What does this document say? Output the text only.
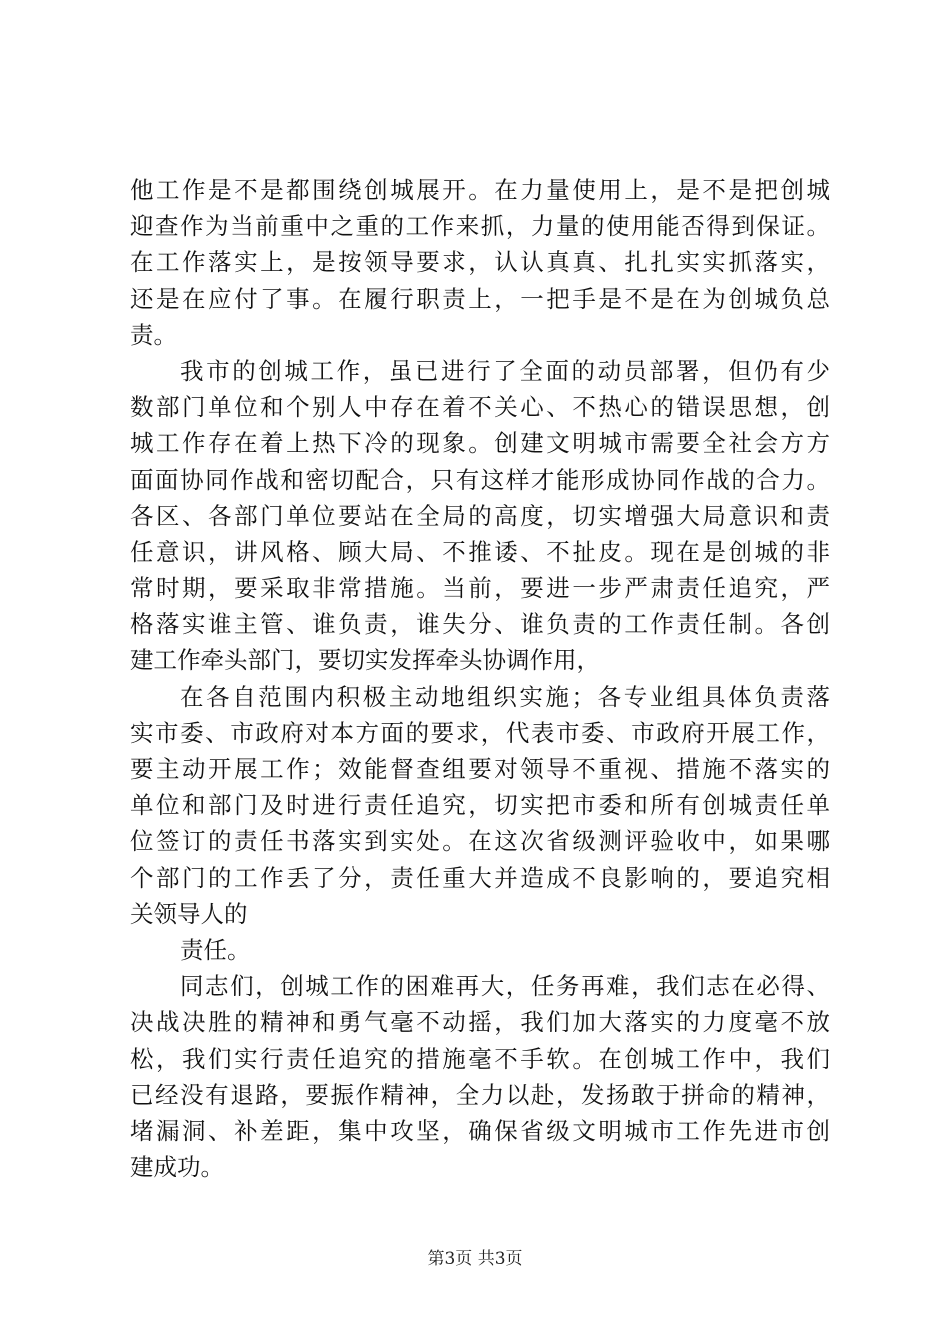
他工作是不是都围绕创城展开。在力量使用上，是不是把创城
迎查作为当前重中之重的工作来抓，力量的使用能否得到保证。
在工作落实上，是按领导要求，认认真真、扎扎实实抓落实，
还是在应付了事。在履行职责上，一把手是不是在为创城负总
责。
我市的创城工作，虽已进行了全面的动员部署，但仍有少
数部门单位和个别人中存在着不关心、不热心的错误思想，创
城工作存在着上热下冷的现象。创建文明城市需要全社会方方
面面协同作战和密切配合，只有这样才能形成协同作战的合力。
各区、各部门单位要站在全局的高度，切实增强大局意识和责
任意识，讲风格、顾大局、不推诿、不扯皮。现在是创城的非
常时期，要采取非常措施。当前，要进一步严肃责任追究，严
格落实谁主管、谁负责，谁失分、谁负责的工作责任制。各创
建工作牵头部门，要切实发挥牵头协调作用，
在各自范围内积极主动地组织实施；各专业组具体负责落
实市委、市政府对本方面的要求，代表市委、市政府开展工作，
要主动开展工作；效能督查组要对领导不重视、措施不落实的
单位和部门及时进行责任追究，切实把市委和所有创城责任单
位签订的责任书落实到实处。在这次省级测评验收中，如果哪
个部门的工作丢了分，责任重大并造成不良影响的，要追究相
关领导人的
责任。
同志们，创城工作的困难再大，任务再难，我们志在必得、
决战决胜的精神和勇气毫不动摇，我们加大落实的力度毫不放
松，我们实行责任追究的措施毫不手软。在创城工作中，我们
已经没有退路，要振作精神，全力以赴，发扬敢于拼命的精神，
堵漏洞、补差距，集中攻坚，确保省级文明城市工作先进市创
建成功。
第3页 共3页
